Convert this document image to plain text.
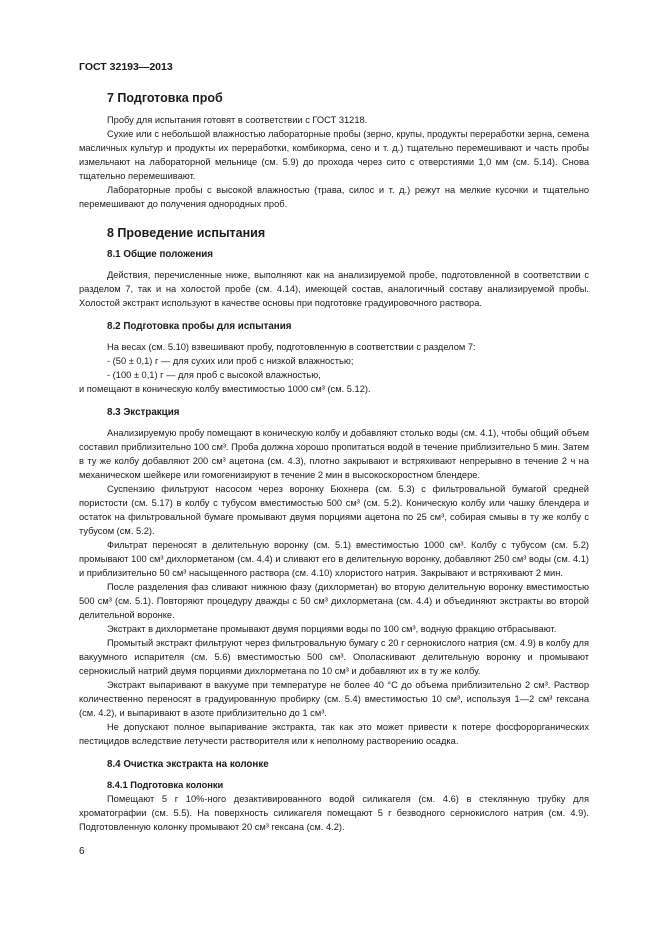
ГОСТ 32193—2013
7 Подготовка проб

Пробу для испытания готовят в соответствии с ГОСТ 31218.

Сухие или с небольшой влажностью лабораторные пробы (зерно, крупы, продукты переработки зерна, семена масличных культур и продукты их переработки, комбикорма, сено и т. д.) тщательно перемешивают и часть пробы измельчают на лабораторной мельнице (см. 5.9) до прохода через сито с отверстиями 1,0 мм (см. 5.14). Снова тщательно перемешивают.

Лабораторные пробы с высокой влажностью (трава, силос и т. д.) режут на мелкие кусочки и тщательно перемешивают до получения однородных проб.

8 Проведение испытания
8.1 Общие положения

Действия, перечисленные ниже, выполняют как на анализируемой пробе, подготовленной в соответствии с разделом 7, так и на холостой пробе (см. 4.14), имеющей состав, аналогичный составу анализируемой пробы. Холостой экстракт используют в качестве основы при подготовке градуировочного раствора.

8.2 Подготовка пробы для испытания

На весах (см. 5.10) взвешивают пробу, подготовленную в соответствии с разделом 7:

- (50 ± 0,1) г — для сухих или проб с низкой влажностью;

- (100 ± 0,1) г — для проб с высокой влажностью,

и помещают в коническую колбу вместимостью 1000 см³ (см. 5.12).

8.3 Экстракция

Анализируемую пробу помещают в коническую колбу и добавляют столько воды (см. 4.1), чтобы общий объем составил приблизительно 100 см³. Проба должна хорошо пропитаться водой в течение приблизительно 5 мин. Затем в ту же колбу добавляют 200 см³ ацетона (см. 4.3), плотно закрывают и встряхивают непрерывно в течение 2 ч на механическом шейкере или гомогенизируют в течение 2 мин в высокоскоростном блендере.

Суспензию фильтруют насосом через воронку Бюхнера (см. 5.3) с фильтровальной бумагой средней пористости (см. 5.17) в колбу с тубусом вместимостью 500 см³ (см. 5.2). Коническую колбу или чашку блендера и остаток на фильтровальной бумаге промывают двумя порциями ацетона по 25 см³, собирая смывы в ту же колбу с тубусом (см. 5.2).

Фильтрат переносят в делительную воронку (см. 5.1) вместимостью 1000 см³. Колбу с тубусом (см. 5.2) промывают 100 см³ дихлорметаном (см. 4.4) и сливают его в делительную воронку, добавляют 250 см³ воды (см. 4.1) и приблизительно 50 см³ насыщенного раствора (см. 4.10) хлористого натрия. Закрывают и встряхивают 2 мин.

После разделения фаз сливают нижнюю фазу (дихлорметан) во вторую делительную воронку вместимостью 500 см³ (см. 5.1). Повторяют процедуру дважды с 50 см³ дихлорметана (см. 4.4) и объединяют экстракты во второй делительной воронке.

Экстракт в дихлорметане промывают двумя порциями воды по 100 см³, водную фракцию отбрасывают.

Промытый экстракт фильтруют через фильтровальную бумагу с 20 г сернокислого натрия (см. 4.9) в колбу для вакуумного испарителя (см. 5.6) вместимостью 500 см³. Ополаскивают делительную воронку и промывают сернокислый натрий двумя порциями дихлорметана по 10 см³ и добавляют их в ту же колбу.

Экстракт выпаривают в вакууме при температуре не более 40 °С до объема приблизительно 2 см³. Раствор количественно переносят в градуированную пробирку (см. 5.4) вместимостью 10 см³, используя 1—2 см³ гексана (см. 4.2), и выпаривают в азоте приблизительно до 1 см³.

Не допускают полное выпаривание экстракта, так как это может привести к потере фосфорорганических пестицидов вследствие летучести растворителя или к неполному растворению осадка.

8.4 Очистка экстракта на колонке
8.4.1 Подготовка колонки

Помещают 5 г 10%-ного дезактивированного водой силикагеля (см. 4.6) в стеклянную трубку для хроматографии (см. 5.5). На поверхность силикагеля помещают 5 г безводного сернокислого натрия (см. 4.9). Подготовленную колонку промывают 20 см³ гексана (см. 4.2).

6
